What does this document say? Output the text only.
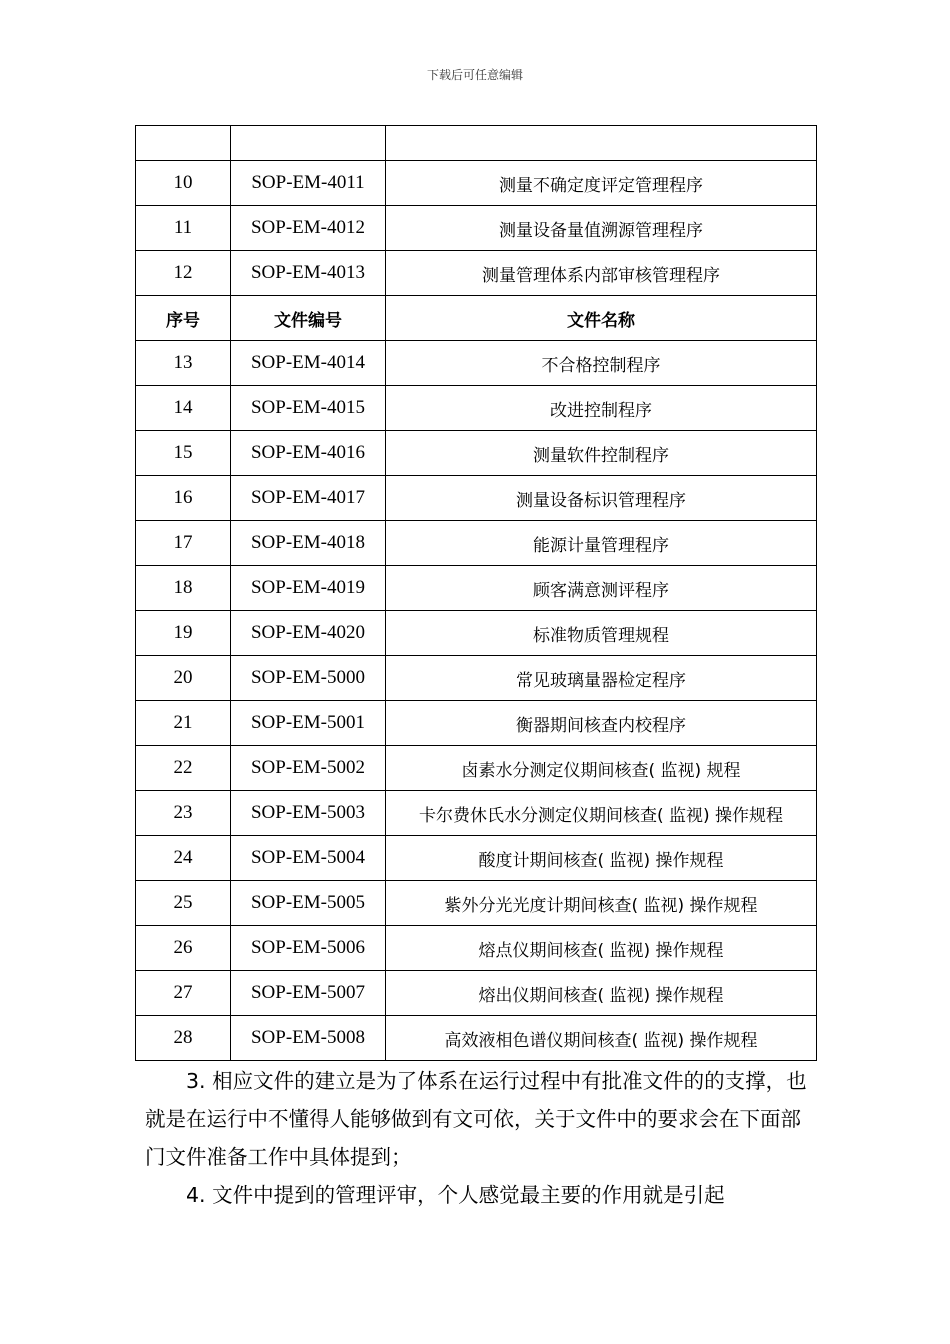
下载后可任意编辑

10	SOP-EM-4011	测量不确定度评定管理程序
11	SOP-EM-4012	测量设备量值溯源管理程序
12	SOP-EM-4013	测量管理体系内部审核管理程序
序号	文件编号	文件名称
13	SOP-EM-4014	不合格控制程序
14	SOP-EM-4015	改进控制程序
15	SOP-EM-4016	测量软件控制程序
16	SOP-EM-4017	测量设备标识管理程序
17	SOP-EM-4018	能源计量管理程序
18	SOP-EM-4019	顾客满意测评程序
19	SOP-EM-4020	标准物质管理规程
20	SOP-EM-5000	常见玻璃量器检定程序
21	SOP-EM-5001	衡器期间核查内校程序
22	SOP-EM-5002	卤素水分测定仪期间核查( 监视) 规程
23	SOP-EM-5003	卡尔费休氏水分测定仪期间核查( 监视) 操作规程
24	SOP-EM-5004	酸度计期间核查( 监视) 操作规程
25	SOP-EM-5005	紫外分光光度计期间核查( 监视) 操作规程
26	SOP-EM-5006	熔点仪期间核查( 监视) 操作规程
27	SOP-EM-5007	熔出仪期间核查( 监视) 操作规程
28	SOP-EM-5008	高效液相色谱仪期间核查( 监视) 操作规程

3. 相应文件的建立是为了体系在运行过程中有批准文件的的支撑，也就是在运行中不懂得人能够做到有文可依，关于文件中的要求会在下面部门文件准备工作中具体提到；

4. 文件中提到的管理评审，个人感觉最主要的作用就是引起
